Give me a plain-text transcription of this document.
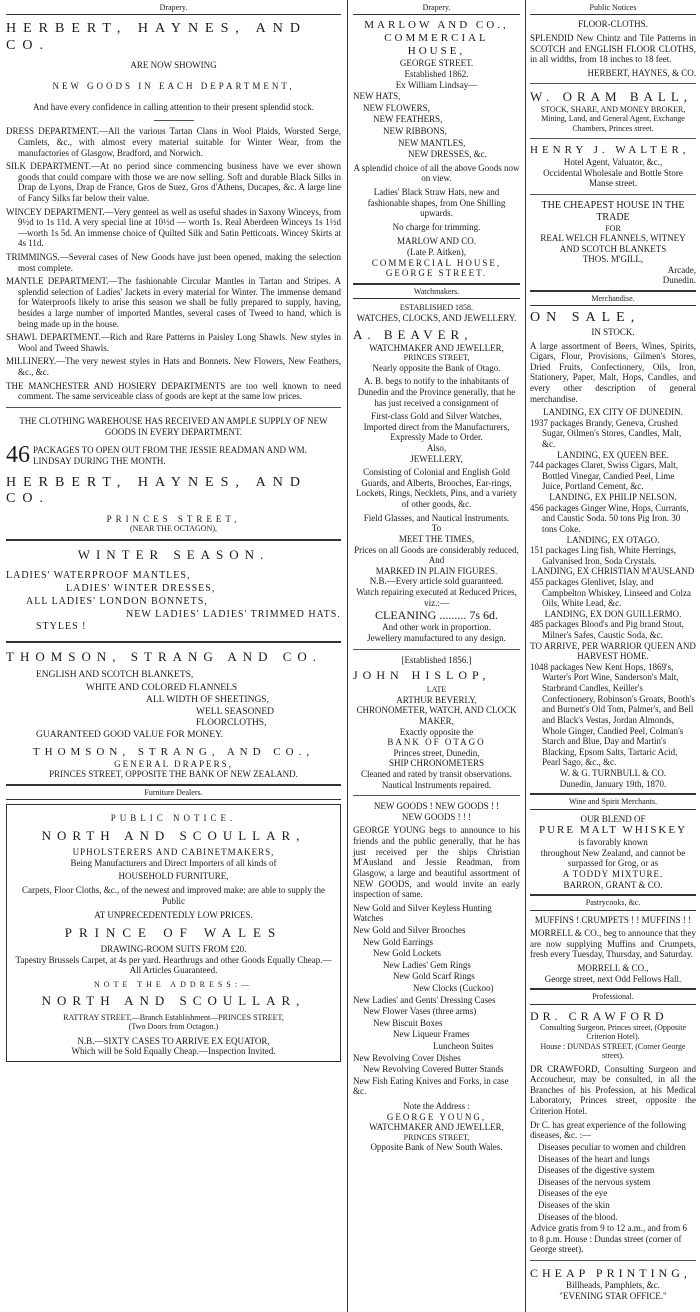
Drapery.
HERBERT, HAYNES, AND CO.
ARE NOW SHOWING
NEW GOODS IN EACH DEPARTMENT,
And have every confidence in calling attention to their present splendid stock.

DRESS DEPARTMENT.—All the various Tartan Clans in Wool Plaids, Worsted Serge, Camlets, &c., with almost every material suitable for Winter Wear, from the manufactories of Glasgow, Bradford, and Norwich.

SILK DEPARTMENT.—At no period since commencing business have we ever shown goods that could compare with those we are now selling. Soft and durable Black Silks in Drap de Lyons, Drap de France, Gros de Suez, Gros d'Athens, Ducapes, &c. A large line of Fancy Silks far below their value.

WINCEY DEPARTMENT.—Very genteel as well as useful shades in Saxony Winceys, from 9½d to 1s 11d. A very special line at 10½d — worth 1s. Real Aberdeen Winceys 1s 1½d—worth 1s 5d. An immense choice of Quilted Silk and Satin Petticoats. Wincey Skirts at 4s 11d.

TRIMMINGS.—Several cases of New Goods have just been opened, making the selection most complete.

MANTLE DEPARTMENT.—The fashionable Circular Mantles in Tartan and Stripes. A splendid selection of Ladies' Jackets in every material for Winter. The immense demand for Waterproofs likely to arise this season we shall be fully prepared to supply, having, besides a large number of imported Mantles, several cases of Tweed to hand, which is being made up in the house.

SHAWL DEPARTMENT.—Rich and Rare Patterns in Paisley Long Shawls. New styles in Wool and Tweed Shawls.

MILLINERY.—The very newest styles in Hats and Bonnets. New Flowers, New Feathers, &c., &c.

THE MANCHESTER AND HOSIERY DEPARTMENTS are too well known to need comment. The same serviceable class of goods are kept at the same low prices.

THE CLOTHING WAREHOUSE HAS RECEIVED AN AMPLE SUPPLY OF NEW GOODS IN EVERY DEPARTMENT.

46 PACKAGES TO OPEN OUT FROM THE JESSIE READMAN AND WM. LINDSAY DURING THE MONTH.
HERBERT, HAYNES, AND CO.
PRINCES STREET,
(NEAR THE OCTAGON),
WINTER SEASON.
LADIES' WATERPROOF MANTLES,
LADIES' WINTER DRESSES,
ALL LADIES' LONDON BONNETS,
NEW LADIES' LADIES' TRIMMED HATS.
STYLES !
THOMSON, STRANG AND CO.
ENGLISH AND SCOTCH BLANKETS,
WHITE AND COLORED FLANNELS
ALL WIDTH OF SHEETINGS,
WELL SEASONED FLOORCLOTHS,
GUARANTEED GOOD VALUE FOR MONEY.
THOMSON, STRANG, AND CO.,
GENERAL DRAPERS,
PRINCES STREET, OPPOSITE THE BANK OF NEW ZEALAND.
Furniture Dealers.
PUBLIC NOTICE.
NORTH AND SCOULLAR,
UPHOLSTERERS AND CABINETMAKERS,
Being Manufacturers and Direct Importers of all kinds of
HOUSEHOLD FURNITURE,
Carpets, Floor Cloths, &c., of the newest and improved make: are able to supply the Public
AT UNPRECEDENTEDLY LOW PRICES.
PRINCE OF WALES
DRAWING-ROOM SUITS FROM £20.
Tapestry Brussels Carpet, at 4s per yard. Hearthrugs and other Goods Equally Cheap.—All Articles Guaranteed.
NOTE THE ADDRESS:—
NORTH AND SCOULLAR,
RATTRAY STREET,—Branch Establishment—PRINCES STREET,
(Two Doors from Octagon.)
N.B.—SIXTY CASES TO ARRIVE EX EQUATOR,
Which will be Sold Equally Cheap.—Inspection Invited.
Drapery.
MARLOW AND CO.,
COMMERCIAL HOUSE,
GEORGE STREET.
Established 1862.
Ex William Lindsay—
NEW HATS,
NEW FLOWERS,
NEW FEATHERS,
NEW RIBBONS,
NEW MANTLES,
NEW DRESSES, &c.

A splendid choice of all the above Goods now on view.

Ladies' Black Straw Hats, new and fashionable shapes, from One Shilling upwards.

No charge for trimming.
MARLOW AND CO.
(Late P. Aitken),
COMMERCIAL HOUSE,
GEORGE STREET.
Watchmakers.
ESTABLISHED 1858.
WATCHES, CLOCKS, AND JEWELLERY.
A. BEAVER,
WATCHMAKER AND JEWELLER,
PRINCES STREET,
Nearly opposite the Bank of Otago.

A. B. begs to notify to the inhabitants of Dunedin and the Province generally, that he has just received a consignment of

First-class Gold and Silver Watches,
Imported direct from the Manufacturers, Expressly Made to Order.
Also,
JEWELLERY,

Consisting of Colonial and English Gold Guards, and Alberts, Brooches, Ear-rings, Lockets, Rings, Necklets, Pins, and a variety of other goods, &c.

Field Glasses, and Nautical Instruments.
To
MEET THE TIMES,
Prices on all Goods are considerably reduced,
And
MARKED IN PLAIN FIGURES.
N.B.—Every article sold guaranteed.
Watch repairing executed at Reduced Prices, viz.:—
CLEANING ......... 7s 6d.
And other work in proportion.
Jewellery manufactured to any design.
[Established 1856.]
JOHN HISLOP,
LATE
ARTHUR BEVERLY,
CHRONOMETER, WATCH, AND CLOCK MAKER,
Exactly opposite the
BANK OF OTAGO
Princes street, Dunedin,
SHIP CHRONOMETERS
Cleaned and rated by transit observations. Nautical Instruments repaired.
NEW GOODS ! NEW GOODS ! !
NEW GOODS ! ! !

GEORGE YOUNG begs to announce to his friends and the public generally, that he has just received per the ships Christian M'Ausland and Jessie Readman, from Glasgow, a large and beautiful assortment of NEW GOODS, and would invite an early inspection of same.

New Gold and Silver Keyless Hunting Watches
New Gold and Silver Brooches
New Gold Earrings
New Gold Lockets
New Ladies' Gem Rings
New Gold Scarf Rings
New Clocks (Cuckoo)
New Ladies' and Gents' Dressing Cases
New Flower Vases (three arms)
New Biscuit Boxes
New Liqueur Frames
Luncheon Suites
New Revolving Cover Dishes
New Revolving Covered Butter Stands
New Fish Eating Knives and Forks, in case &c.
Note the Address :
GEORGE YOUNG,
WATCHMAKER AND JEWELLER,
PRINCES STREET,
Opposite Bank of New South Wales.
Public Notices
FLOOR-CLOTHS.

SPLENDID New Chintz and Tile Patterns in SCOTCH and ENGLISH FLOOR CLOTHS, in all widths, from 18 inches to 18 feet.

HERBERT, HAYNES, & CO.
W. ORAM BALL,
STOCK, SHARE, AND MONEY BROKER, Mining, Land, and General Agent, Exchange Chambers, Princes street.
HENRY J. WALTER,
Hotel Agent, Valuator, &c.,
Occidental Wholesale and Bottle Store
Manse street.
THE CHEAPEST HOUSE IN THE TRADE
FOR
REAL WELCH FLANNELS, WITNEY AND SCOTCH BLANKETS
THOS. M'GILL,
Arcade,
Dunedin.
Merchandise.
ON SALE,
IN STOCK.

A large assortment of Beers, Wines, Spirits, Cigars, Flour, Provisions, Gilmen's Stores, Dried Fruits, Confectionery, Oils, Iron, Stationery, Paper, Malt, Hops, Candles, and every other description of general merchandise.

LANDING, EX CITY OF DUNEDIN.
1937 packages Brandy, Geneva, Crushed Sugar, Oilmen's Stores, Candles, Malt, &c.
LANDING, EX QUEEN BEE.
744 packages Claret, Swiss Cigars, Malt, Bottled Vinegar, Candied Peel, Lime Juice, Portland Cement, &c.
LANDING, EX PHILIP NELSON.
456 packages Ginger Wine, Hops, Currants, and Caustic Soda. 50 tons Pig Iron. 30 tons Coke.
LANDING, EX OTAGO.
151 packages Ling fish, White Herrings, Galvanised Iron, Soda Crystals.
LANDING, EX CHRISTIAN M'AUSLAND
455 packages Glenlivet, Islay, and Campbelton Whiskey, Linseed and Colza Oils, White Lead, &c.
LANDING, EX DON GUILLERMO.
485 packages Blood's and Pig brand Stout, Milner's Safes, Caustic Soda, &c.
TO ARRIVE, PER WARRIOR QUEEN AND HARVEST HOME.
1048 packages New Kent Hops, 1869's, Warter's Port Wine, Sanderson's Malt, Starbrand Candles, Keiller's Confectionery, Robinson's Groats, Booth's and Burnett's Old Tom, Palmer's, and Bell and Black's Vestas, Jordan Almonds, Whole Ginger, Candied Peel, Colman's Starch and Blue, Day and Martin's Blacking, Epsom Salts, Tartaric Acid, Pearl Sago, &c., &c.
W. & G. TURNBULL & CO.
Dunedin, January 19th, 1870.
Wine and Spirit Merchants.
OUR BLEND OF
PURE MALT WHISKEY
is favorably known
throughout New Zealand, and cannot be surpassed for Grog, or as
A TODDY MIXTURE.
BARRON, GRANT & CO.
Pastrycooks, &c.
MUFFINS ! CRUMPETS ! ! MUFFINS ! !

MORRELL & CO., beg to announce that they are now supplying Muffins and Crumpets, fresh every Tuesday, Thursday, and Saturday.

MORRELL & CO.,
George street, next Odd Fellows Hall.
Professional.
DR. CRAWFORD
Consulting Surgeon, Princes street, (Opposite Criterion Hotel).
House : DUNDAS STREET, (Corner George street).

DR CRAWFORD, Consulting Surgeon and Accoucheur, may be consulted, in all the Branches of his Profession, at his Medical Laboratory, Princes street, opposite the Criterion Hotel.

Dr C. has great experience of the following diseases, &c. :—
Diseases peculiar to women and children
Diseases of the heart and lungs
Diseases of the digestive system
Diseases of the nervous system
Diseases of the eye
Diseases of the skin
Diseases of the blood.
Advice gratis from 9 to 12 a.m., and from 6 to 8 p.m. House : Dundas street (corner of George street).
CHEAP PRINTING,
Billheads, Pamphlets, &c.
"EVENING STAR OFFICE."
